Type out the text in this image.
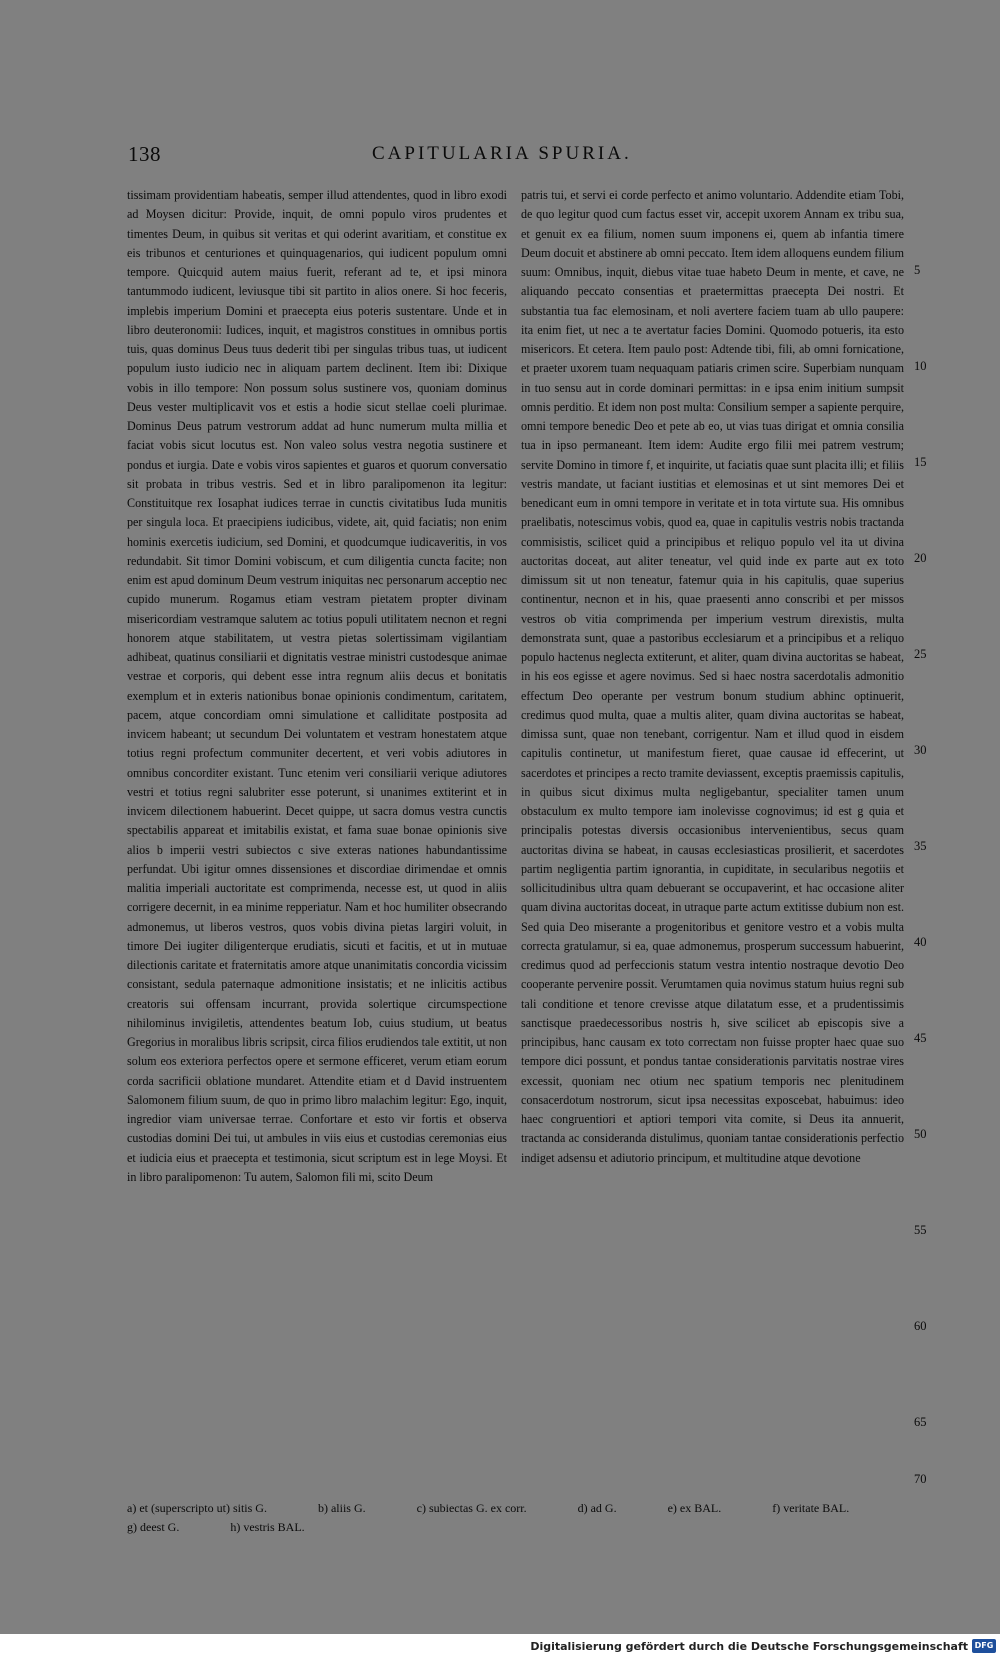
138	CAPITULARIA SPURIA.
tissimam providentiam habeatis, semper illud attendentes, quod in libro exodi ad Moysen dicitur: Provide, inquit, de omni populo viros prudentes et timentes Deum, in quibus sit veritas et qui oderint avaritiam, et constitue ex eis tribunos et centuriones et quinquagenarios, qui iudicent populum omni tempore. Quicquid autem maius fuerit, referant ad te, et ipsi minora tantummodo iudicent, leviusque tibi sit partito in alios onere. Si hoc feceris, implebis imperium Domini et praecepta eius poteris sustentare. Unde et in libro deuteronomii: Iudices, inquit, et magistros constitues in omnibus portis tuis, quas dominus Deus tuus dederit tibi per singulas tribus tuas, ut iudicent populum iusto iudicio nec in aliquam partem declinent. Item ibi: Dixique vobis in illo tempore: Non possum solus sustinere vos, quoniam dominus Deus vester multiplicavit vos et estis a hodie sicut stellae coeli plurimae. Dominus Deus patrum vestrorum addat ad hunc numerum multa millia et faciat vobis sicut locutus est. Non valeo solus vestra negotia sustinere et pondus et iurgia. Date e vobis viros sapientes et guaros et quorum conversatio sit probata in tribus vestris. Sed et in libro paralipomenon ita legitur: Constituitque rex Iosaphat iudices terrae in cunctis civitatibus Iuda munitis per singula loca. Et praecipiens iudicibus, videte, ait, quid faciatis; non enim hominis exercetis iudicium, sed Domini, et quodcumque iudicaveritis, in vos redundabit. Sit timor Domini vobiscum, et cum diligentia cuncta facite; non enim est apud dominum Deum vestrum iniquitas nec personarum acceptio nec cupido munerum. Rogamus etiam vestram pietatem propter divinam misericordiam vestramque salutem ac totius populi utilitatem necnon et regni honorem atque stabilitatem, ut vestra pietas solertissimam vigilantiam adhibeat, quatinus consiliarii et dignitatis vestrae ministri custodesque animae vestrae et corporis, qui debent esse intra regnum aliis decus et bonitatis exemplum et in exteris nationibus bonae opinionis condimentum, caritatem, pacem, atque concordiam omni simulatione et calliditate postposita ad invicem habeant; ut secundum Dei voluntatem et vestram honestatem atque totius regni profectum communiter decertent, et veri vobis adiutores in omnibus concorditer existant. Tunc etenim veri consiliarii verique adiutores vestri et totius regni salubriter esse poterunt, si unanimes extiterint et in invicem dilectionem habuerint. Decet quippe, ut sacra domus vestra cunctis spectabilis appareat et imitabilis existat, et fama suae bonae opinionis sive alios b imperii vestri subiectos c sive exteras nationes habundantissime perfundat. Ubi igitur omnes dissensiones et discordiae dirimendae et omnis malitia imperiali auctoritate est comprimenda, necesse est, ut quod in aliis corrigere decernit, in ea minime repperiatur. Nam et hoc humiliter obsecrando admonemus, ut liberos vestros, quos vobis divina pietas largiri voluit, in timore Dei iugiter diligenterque erudiatis, sicuti et facitis, et ut in mutuae dilectionis caritate et fraternitatis amore atque unanimitatis concordia vicissim consistant, sedula paternaque admonitione insistatis; et ne inlicitis actibus creatoris sui offensam incurrant, provida solertique circumspectione nihilominus invigiletis, attendentes beatum Iob, cuius studium, ut beatus Gregorius in moralibus libris scripsit, circa filios erudiendos tale extitit, ut non solum eos exteriora perfectos opere et sermone efficeret, verum etiam eorum corda sacrificii oblatione mundaret. Attendite etiam et d David instruentem Salomonem filium suum, de quo in primo libro malachim legitur: Ego, inquit, ingredior viam universae terrae. Confortare et esto vir fortis et observa custodias domini Dei tui, ut ambules in viis eius et custodias ceremonias eius et iudicia eius et praecepta et testimonia, sicut scriptum est in lege Moysi. Et in libro paralipomenon: Tu autem, Salomon fili mi, scito Deum
patris tui, et servi ei corde perfecto et animo voluntario. Addendite etiam Tobi, de quo legitur quod cum factus esset vir, accepit uxorem Annam ex tribu sua, et genuit ex ea filium, nomen suum imponens ei, quem ab infantia timere Deum docuit et abstinere ab omni peccato. Item idem alloquens eundem filium suum: Omnibus, inquit, diebus vitae tuae habeto Deum in mente, et cave, ne aliquando peccato consentias et praetermittas praecepta Dei nostri. Et substantia tua fac elemosinam, et noli avertere faciem tuam ab ullo paupere: ita enim fiet, ut nec a te avertatur facies Domini. Quomodo potueris, ita esto misericors. Et cetera. Item paulo post: Adtende tibi, fili, ab omni fornicatione, et praeter uxorem tuam nequaquam patiaris crimen scire. Superbiam nunquam in tuo sensu aut in corde dominari permittas: in e ipsa enim initium sumpsit omnis perditio. Et idem non post multa: Consilium semper a sapiente perquire, omni tempore benedic Deo et pete ab eo, ut vias tuas dirigat et omnia consilia tua in ipso permaneant. Item idem: Audite ergo filii mei patrem vestrum; servite Domino in timore f, et inquirite, ut faciatis quae sunt placita illi; et filiis vestris mandate, ut faciant iustitias et elemosinas et ut sint memores Dei et benedicant eum in omni tempore in veritate et in tota virtute sua. His omnibus praelibatis, notescimus vobis, quod ea, quae in capitulis vestris nobis tractanda commisistis, scilicet quid a principibus et reliquo populo vel ita ut divina auctoritas doceat, aut aliter teneatur, vel quid inde ex parte aut ex toto dimissum sit ut non teneatur, fatemur quia in his capitulis, quae superius continentur, necnon et in his, quae praesenti anno conscribi et per missos vestros ob vitia comprimenda per imperium vestrum direxistis, multa demonstrata sunt, quae a pastoribus ecclesiarum et a principibus et a reliquo populo hactenus neglecta extiterunt, et aliter, quam divina auctoritas se habeat, in his eos egisse et agere novimus. Sed si haec nostra sacerdotalis admonitio effectum Deo operante per vestrum bonum studium abhinc optinuerit, credimus quod multa, quae a multis aliter, quam divina auctoritas se habeat, dimissa sunt, quae non tenebant, corrigentur. Nam et illud quod in eisdem capitulis continetur, ut manifestum fieret, quae causae id effecerint, ut sacerdotes et principes a recto tramite deviassent, exceptis praemissis capitulis, in quibus sicut diximus multa negligebantur, specialiter tamen unum obstaculum ex multo tempore iam inolevisse cognovimus; id est g quia et principalis potestas diversis occasionibus intervenientibus, secus quam auctoritas divina se habeat, in causas ecclesiasticas prosilierit, et sacerdotes partim negligentia partim ignorantia, in cupiditate, in secularibus negotiis et sollicitudinibus ultra quam debuerant se occupaverint, et hac occasione aliter quam divina auctoritas doceat, in utraque parte actum extitisse dubium non est. Sed quia Deo miserante a progenitoribus et genitore vestro et a vobis multa correcta gratulamur, si ea, quae admonemus, prosperum successum habuerint, credimus quod ad perfeccionis statum vestra intentio nostraque devotio Deo cooperante pervenire possit. Verumtamen quia novimus statum huius regni sub tali conditione et tenore crevisse atque dilatatum esse, et a prudentissimis sanctisque praedecessoribus nostris h, sive scilicet ab episcopis sive a principibus, hanc causam ex toto correctam non fuisse propter haec quae suo tempore dici possunt, et pondus tantae considerationis parvitatis nostrae vires excessit, quoniam nec otium nec spatium temporis nec plenitudinem consacerdotum nostrorum, sicut ipsa necessitas exposcebat, habuimus: ideo haec congruentiori et aptiori tempori vita comite, si Deus ita annuerit, tractanda ac consideranda distulimus, quoniam tantae considerationis perfectio indiget adsensu et adiutorio principum, et multitudine atque devotione
5
10
15
20
25
30
35
40
45
50
55
60
65
70
a) et (superscripto ut) sitis G.	b) aliis G.	c) subiectas G. ex corr.	d) ad G.	e) ex BAL.	f) veritate BAL. g) deest G.	h) vestris BAL.
Digitalisierung gefördert durch die Deutsche Forschungsgemeinschaft DFG
